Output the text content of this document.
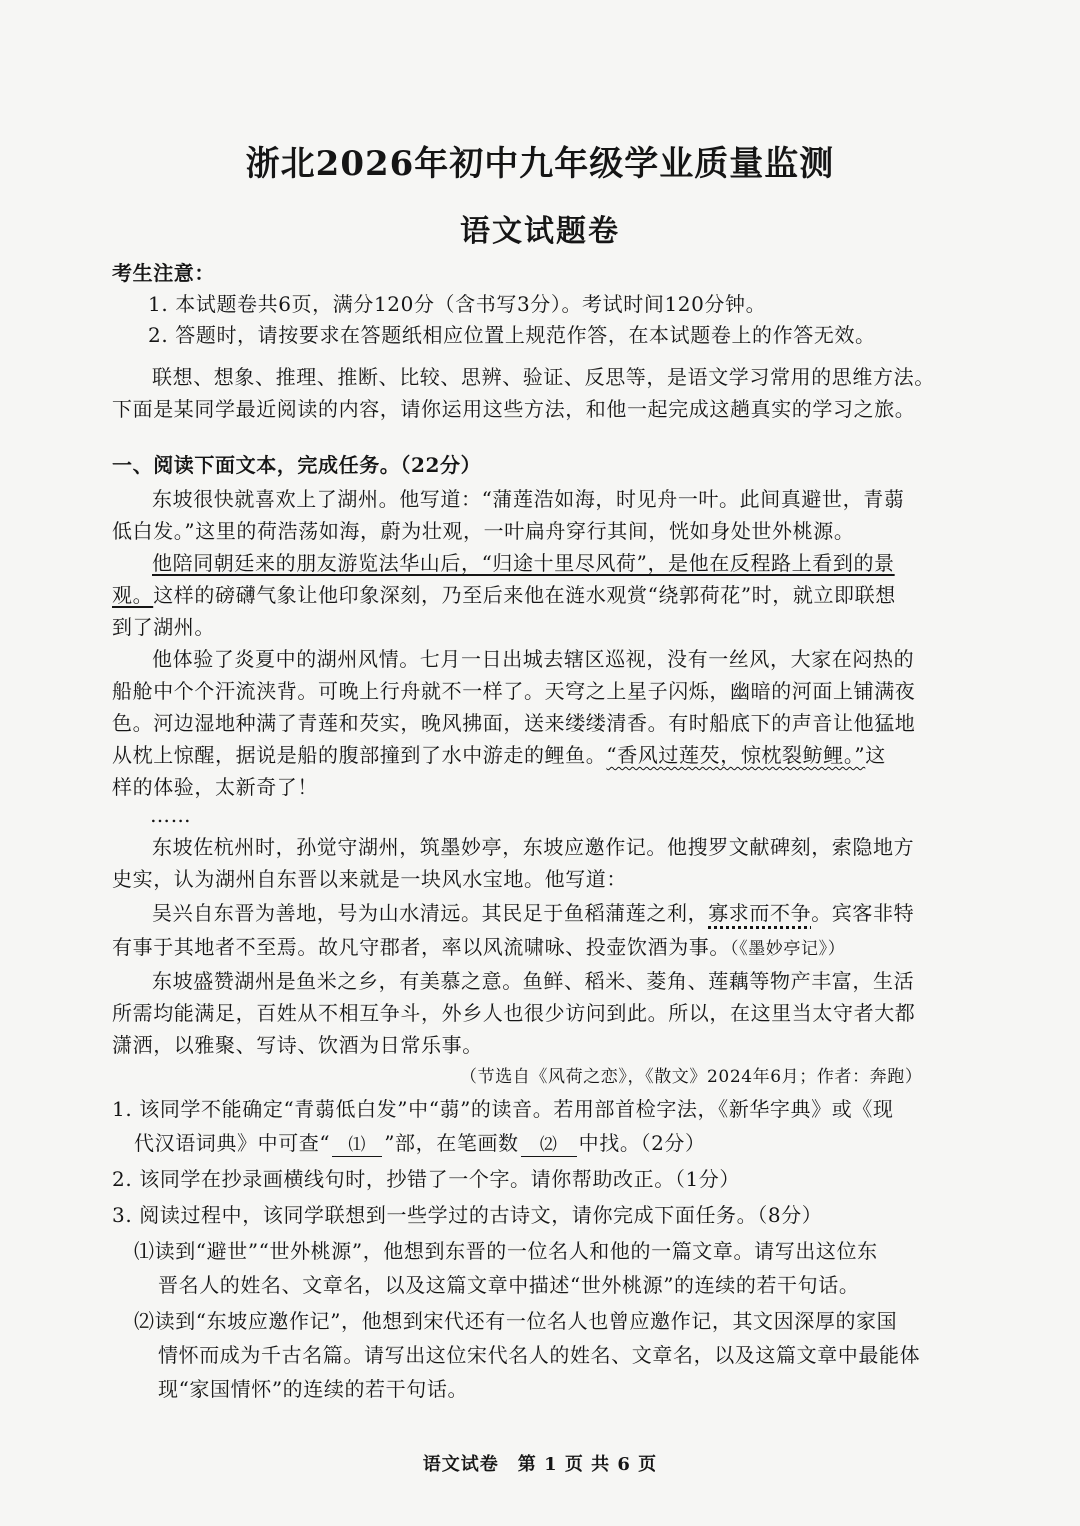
浙北2026年初中九年级学业质量监测
语文试题卷
考生注意：
1. 本试题卷共6页，满分120分（含书写3分）。考试时间120分钟。
2. 答题时，请按要求在答题纸相应位置上规范作答，在本试题卷上的作答无效。
联想、想象、推理、推断、比较、思辨、验证、反思等，是语文学习常用的思维方法。
下面是某同学最近阅读的内容，请你运用这些方法，和他一起完成这趟真实的学习之旅。
一、阅读下面文本，完成任务。（22分）
东坡很快就喜欢上了湖州。他写道：“蒲莲浩如海，时见舟一叶。此间真避世，青蒻
低白发。”这里的荷浩荡如海，蔚为壮观，一叶扁舟穿行其间，恍如身处世外桃源。
他陪同朝廷来的朋友游览法华山后，“归途十里尽风荷”，是他在反程路上看到的景
观。这样的磅礴气象让他印象深刻，乃至后来他在涟水观赏“绕郭荷花”时，就立即联想
到了湖州。
他体验了炎夏中的湖州风情。七月一日出城去辖区巡视，没有一丝风，大家在闷热的
船舱中个个汗流浃背。可晚上行舟就不一样了。天穹之上星子闪烁，幽暗的河面上铺满夜
色。河边湿地种满了青莲和芡实，晚风拂面，送来缕缕清香。有时船底下的声音让他猛地
从枕上惊醒，据说是船的腹部撞到了水中游走的鲤鱼。“香风过莲芡，惊枕裂鲂鲤。”这
样的体验，太新奇了！
……
东坡佐杭州时，孙觉守湖州，筑墨妙亭，东坡应邀作记。他搜罗文献碑刻，索隐地方
史实，认为湖州自东晋以来就是一块风水宝地。他写道：
吴兴自东晋为善地，号为山水清远。其民足于鱼稻蒲莲之利，寡求而不争。宾客非特
有事于其地者不至焉。故凡守郡者，率以风流啸咏、投壶饮酒为事。（《墨妙亭记》）
东坡盛赞湖州是鱼米之乡，有美慕之意。鱼鲜、稻米、菱角、莲藕等物产丰富，生活
所需均能满足，百姓从不相互争斗，外乡人也很少访问到此。所以，在这里当太守者大都
潇洒，以雅聚、写诗、饮酒为日常乐事。
（节选自《风荷之恋》，《散文》2024年6月；作者：奔跑）
1. 该同学不能确定“青蒻低白发”中“蒻”的读音。若用部首检字法，《新华字典》或《现
代汉语词典》中可查“ ⑴ ”部，在笔画数 ⑵ 中找。（2分）
2. 该同学在抄录画横线句时，抄错了一个字。请你帮助改正。（1分）
3. 阅读过程中，该同学联想到一些学过的古诗文，请你完成下面任务。（8分）
⑴读到“避世”“世外桃源”，他想到东晋的一位名人和他的一篇文章。请写出这位东
晋名人的姓名、文章名，以及这篇文章中描述“世外桃源”的连续的若干句话。
⑵读到“东坡应邀作记”，他想到宋代还有一位名人也曾应邀作记，其文因深厚的家国
情怀而成为千古名篇。请写出这位宋代名人的姓名、文章名，以及这篇文章中最能体
现“家国情怀”的连续的若干句话。
语文试卷　第 1 页 共 6 页
